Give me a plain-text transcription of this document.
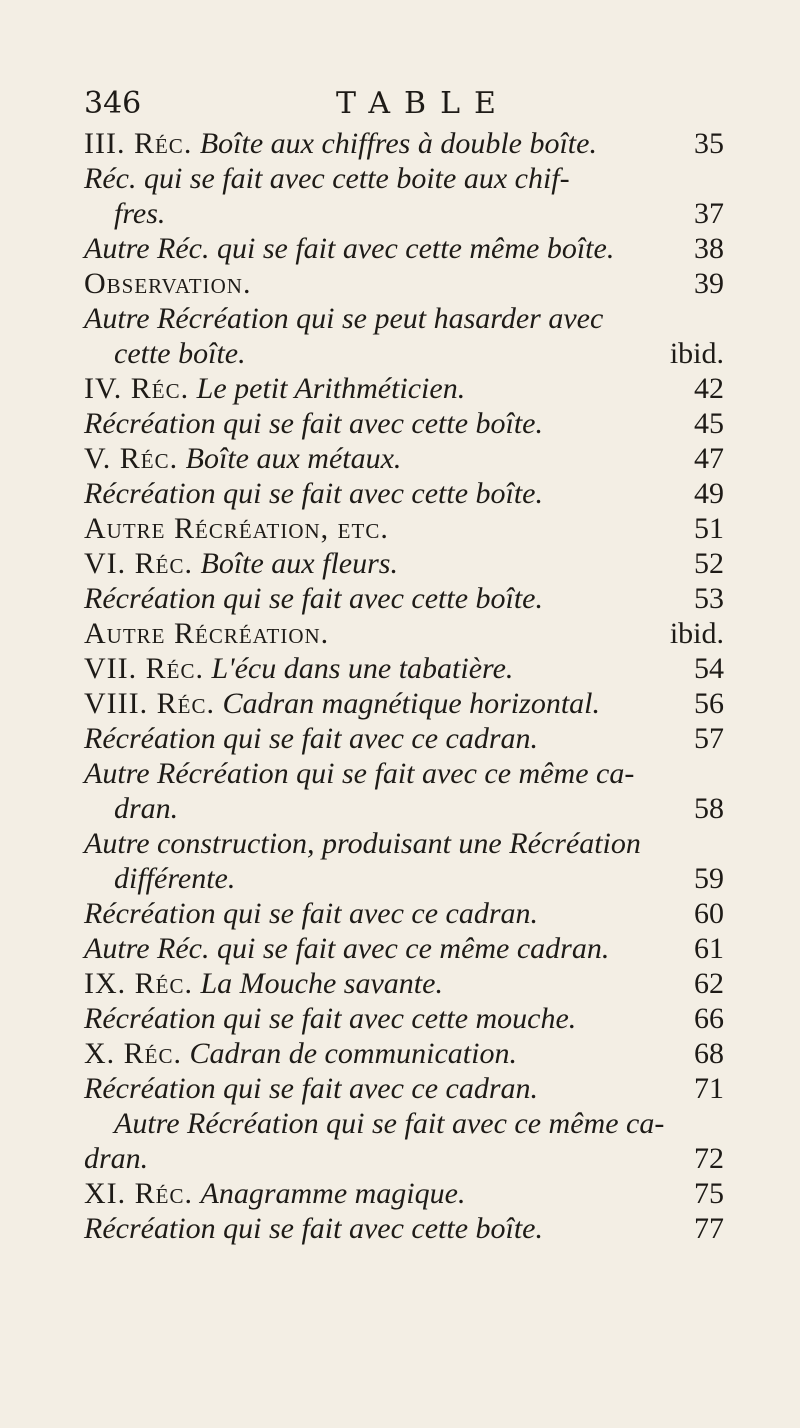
346	TABLE
III. Réc. Boîte aux chiffres à double boîte.	35
Réc. qui se fait avec cette boite aux chif-
fres.	37
Autre Réc. qui se fait avec cette même boîte.	38
Observation.	39
Autre Récréation qui se peut hasarder avec
cette boîte.	ibid.
IV. Réc. Le petit Arithméticien.	42
Récréation qui se fait avec cette boîte.	45
V. Réc. Boîte aux métaux.	47
Récréation qui se fait avec cette boîte.	49
Autre Récréation, etc.	51
VI. Réc. Boîte aux fleurs.	52
Récréation qui se fait avec cette boîte.	53
Autre Récréation.	ibid.
VII. Réc. L'écu dans une tabatière.	54
VIII. Réc. Cadran magnétique horizontal.	56
Récréation qui se fait avec ce cadran.	57
Autre Récréation qui se fait avec ce même ca-
dran.	58
Autre construction, produisant une Récréation
différente.	59
Récréation qui se fait avec ce cadran.	60
Autre Réc. qui se fait avec ce même cadran.	61
IX. Réc. La Mouche savante.	62
Récréation qui se fait avec cette mouche.	66
X. Réc. Cadran de communication.	68
Récréation qui se fait avec ce cadran.	71
Autre Récréation qui se fait avec ce même ca-
dran.	72
XI. Réc. Anagramme magique.	75
Récréation qui se fait avec cette boîte.	77
